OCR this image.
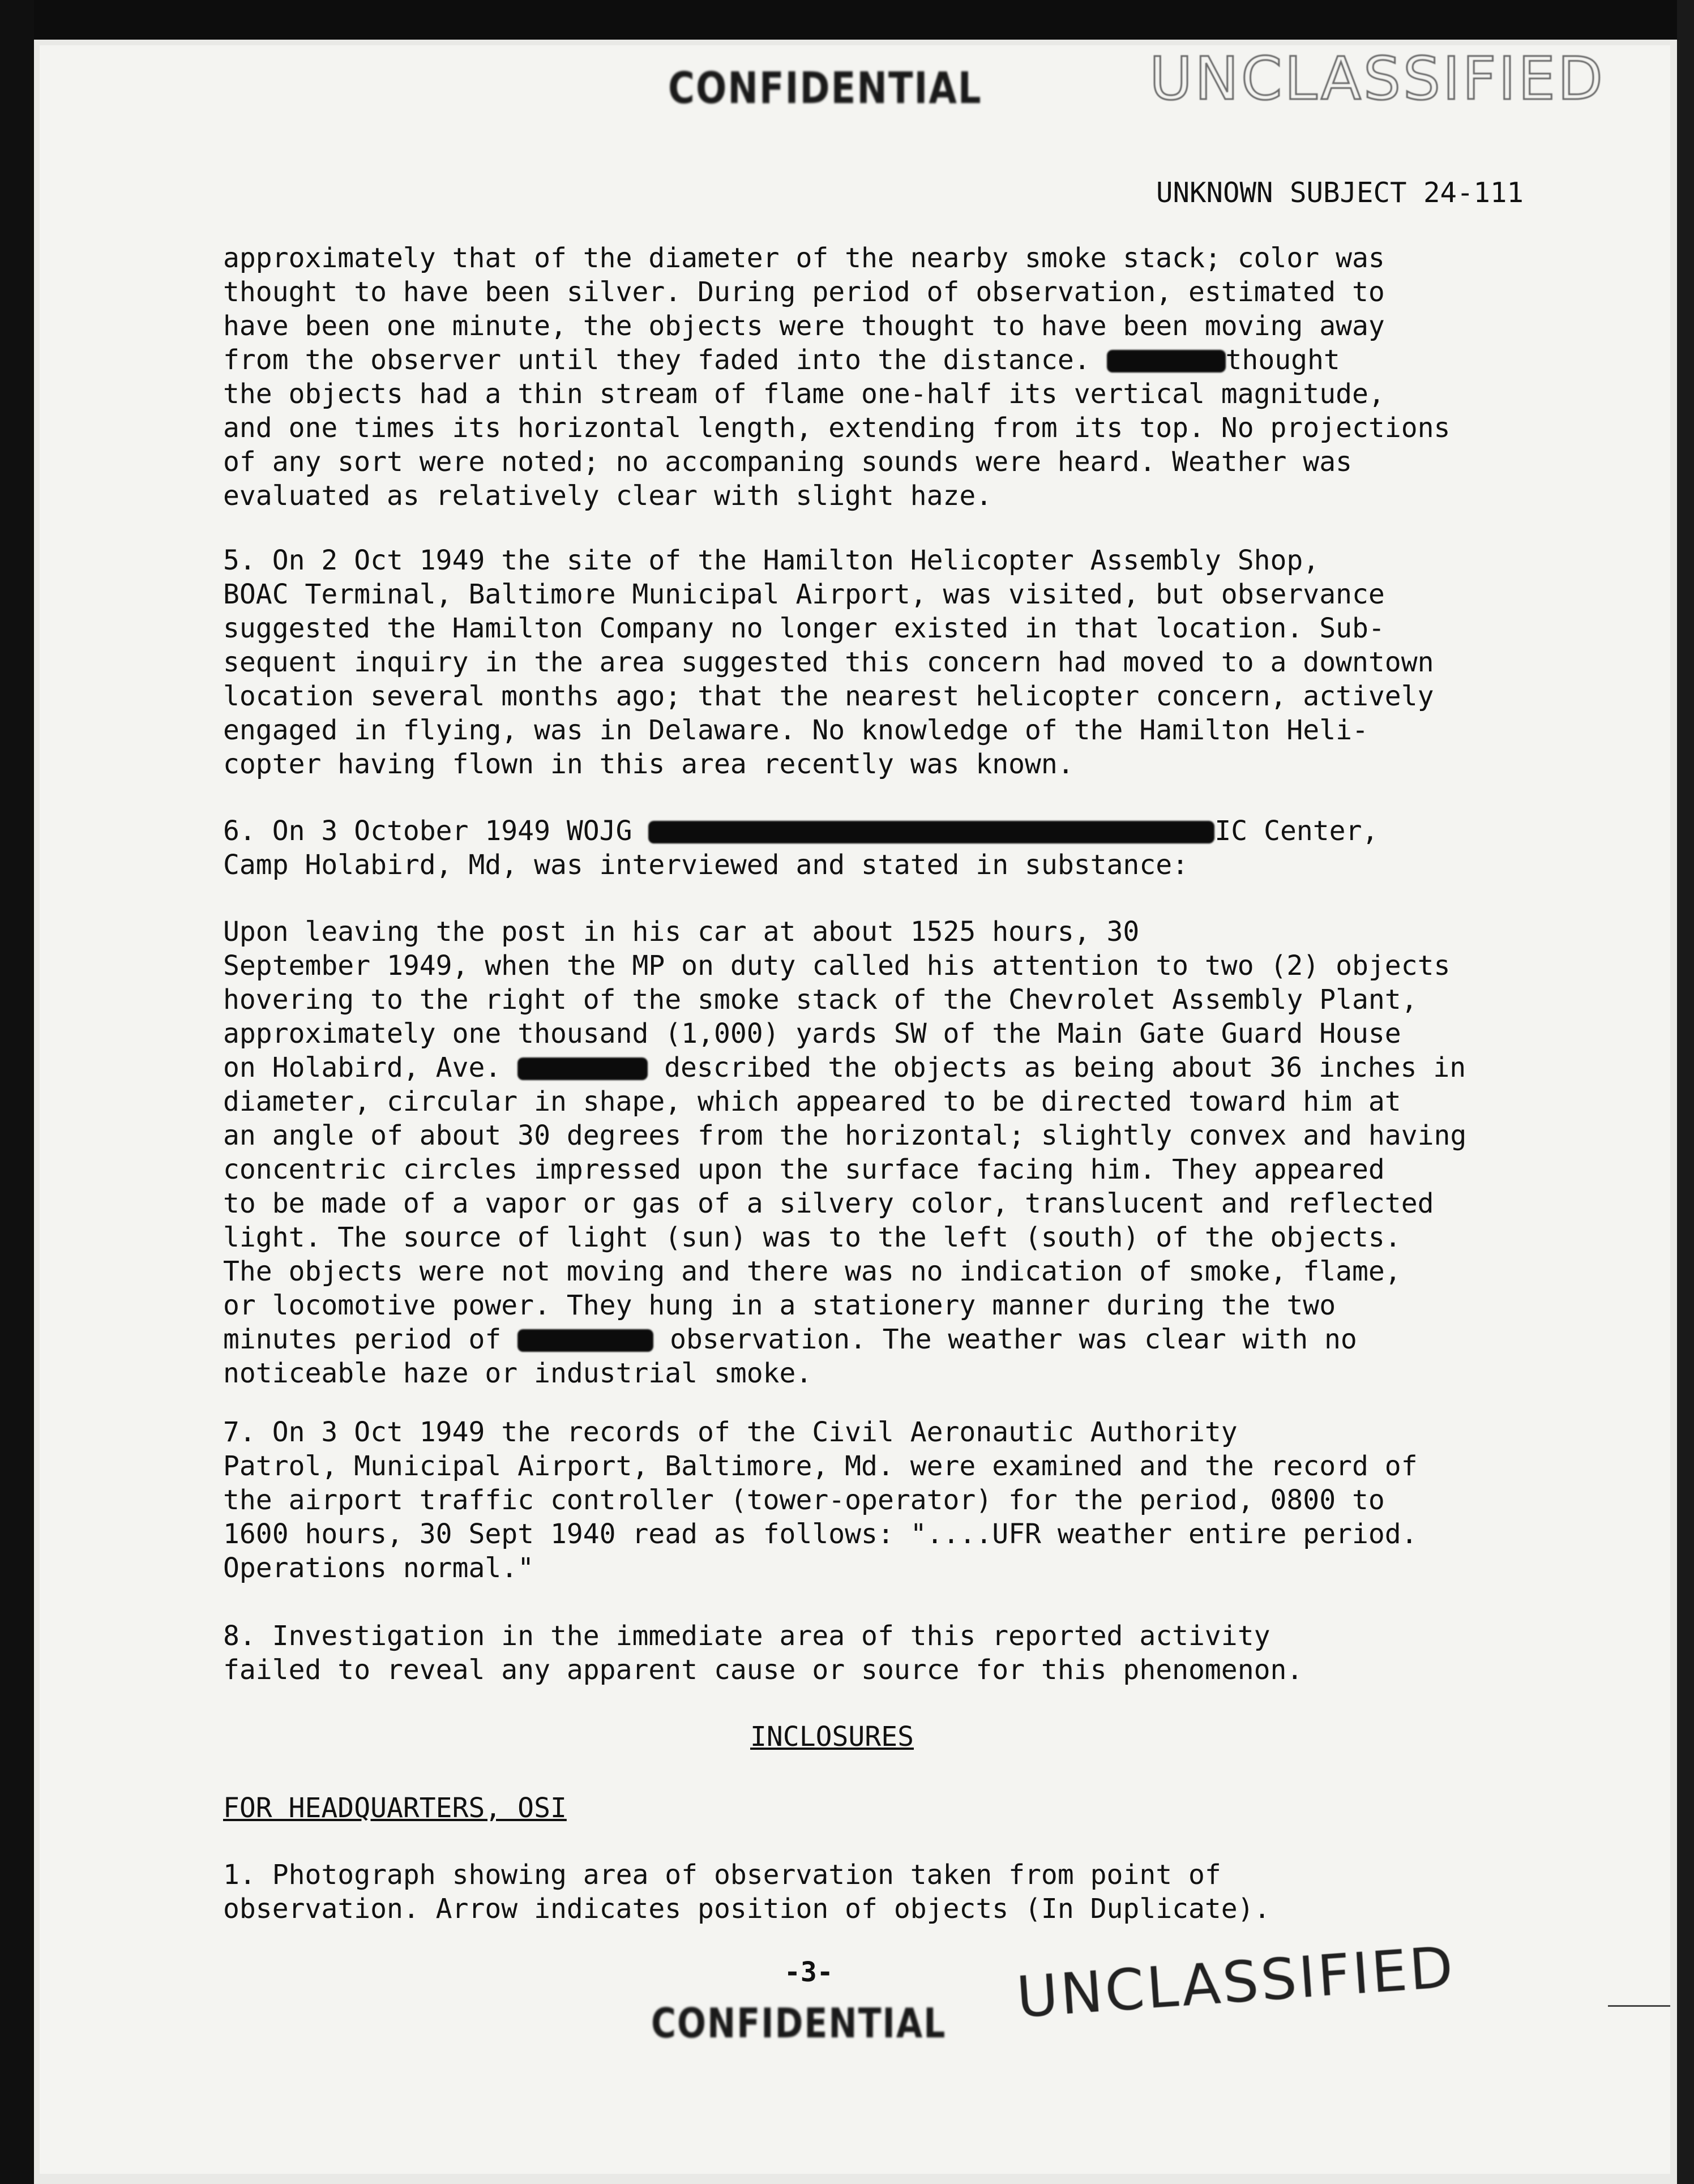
CONFIDENTIAL	UNCLASSIFIED
UNKNOWN SUBJECT 24-111
approximately that of the diameter of the nearby smoke stack; color was
thought to have been silver. During period of observation, estimated to
have been one minute, the objects were thought to have been moving away
from the observer until they faded into the distance.	thought
the objects had a thin stream of flame one-half its vertical magnitude,
and one times its horizontal length, extending from its top. No projections
of any sort were noted; no accompaning sounds were heard. Weather was
evaluated as relatively clear with slight haze.
5. On 2 Oct 1949 the site of the Hamilton Helicopter Assembly Shop,
BOAC Terminal, Baltimore Municipal Airport, was visited, but observance
suggested the Hamilton Company no longer existed in that location. Sub-
sequent inquiry in the area suggested this concern had moved to a downtown
location several months ago; that the nearest helicopter concern, actively
engaged in flying, was in Delaware. No knowledge of the Hamilton Heli-
copter having flown in this area recently was known.
6. On 3 October 1949 WOJG	IC Center,
Camp Holabird, Md, was interviewed and stated in substance:
Upon leaving the post in his car at about 1525 hours, 30
September 1949, when the MP on duty called his attention to two (2) objects
hovering to the right of the smoke stack of the Chevrolet Assembly Plant,
approximately one thousand (1,000) yards SW of the Main Gate Guard House
on Holabird, Ave.	described the objects as being about 36 inches in
diameter, circular in shape, which appeared to be directed toward him at
an angle of about 30 degrees from the horizontal; slightly convex and having
concentric circles impressed upon the surface facing him. They appeared
to be made of a vapor or gas of a silvery color, translucent and reflected
light. The source of light (sun) was to the left (south) of the objects.
The objects were not moving and there was no indication of smoke, flame,
or locomotive power. They hung in a stationery manner during the two
minutes period of	observation. The weather was clear with no
noticeable haze or industrial smoke.
7. On 3 Oct 1949 the records of the Civil Aeronautic Authority
Patrol, Municipal Airport, Baltimore, Md. were examined and the record of
the airport traffic controller (tower-operator) for the period, 0800 to
1600 hours, 30 Sept 1940 read as follows: "....UFR weather entire period.
Operations normal."
8. Investigation in the immediate area of this reported activity
failed to reveal any apparent cause or source for this phenomenon.
INCLOSURES
FOR HEADQUARTERS, OSI
1. Photograph showing area of observation taken from point of
observation. Arrow indicates position of objects (In Duplicate).
-3-
CONFIDENTIAL UNCLASSIFIED
